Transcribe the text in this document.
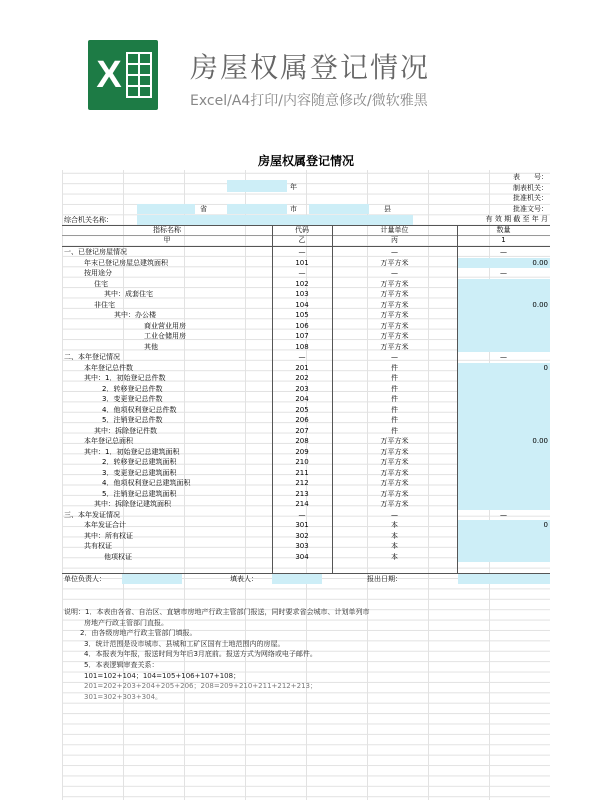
X 房屋权属登记情况
Excel/A4打印/内容随意修改/微软雅黑
房屋权属登记情况
年
省	市	县
综合机关名称：
表　　号：
制表机关：
批准机关：
批准文号：
有 效 期 截 至 年 月
指标名称	代码	计量单位	数量
甲	乙	丙	1
一、已登记房屋情况	—	—	—
年末已登记房屋总建筑面积	101	万平方米	0.00
按用途分	—	—	—
住宅	102	万平方米
其中：成套住宅	103	万平方米
非住宅	104	万平方米	0.00
其中：办公楼	105	万平方米
商业营业用房	106	万平方米
工业仓储用房	107	万平方米
其他	108	万平方米
二、本年登记情况	—	—	—
本年登记总件数	201	件	0
其中：1．初始登记总件数	202	件
2．转移登记总件数	203	件
3．变更登记总件数	204	件
4．他项权利登记总件数	205	件
5．注销登记总件数	206	件
其中：拆除登记件数	207	件
本年登记总面积	208	万平方米	0.00
其中：1．初始登记总建筑面积	209	万平方米
2．转移登记总建筑面积	210	万平方米
3．变更登记总建筑面积	211	万平方米
4．他项权利登记总建筑面积	212	万平方米
5．注销登记总建筑面积	213	万平方米
其中：拆除登记建筑面积	214	万平方米
三、本年发证情况	—	—	—
本年发证合计	301	本	0
其中：所有权证	302	本
共有权证	303	本
他项权证	304	本
单位负责人：	填表人：	报出日期：
说明：1．本表由各省、自治区、直辖市房地产行政主管部门报送，同时要求省会城市、计划单列市
房地产行政主管部门直报。
2．由各级房地产行政主管部门填报。
3．统计范围是设市城市、县城和工矿区国有土地范围内的房屋。
4．本报表为年报，报送时间为年后3月底前。报送方式为网络或电子邮件。
5．本表逻辑审查关系：
101=102+104；104=105+106+107+108；
201=202+203+204+205+206；208=209+210+211+212+213；
301=302+303+304。
